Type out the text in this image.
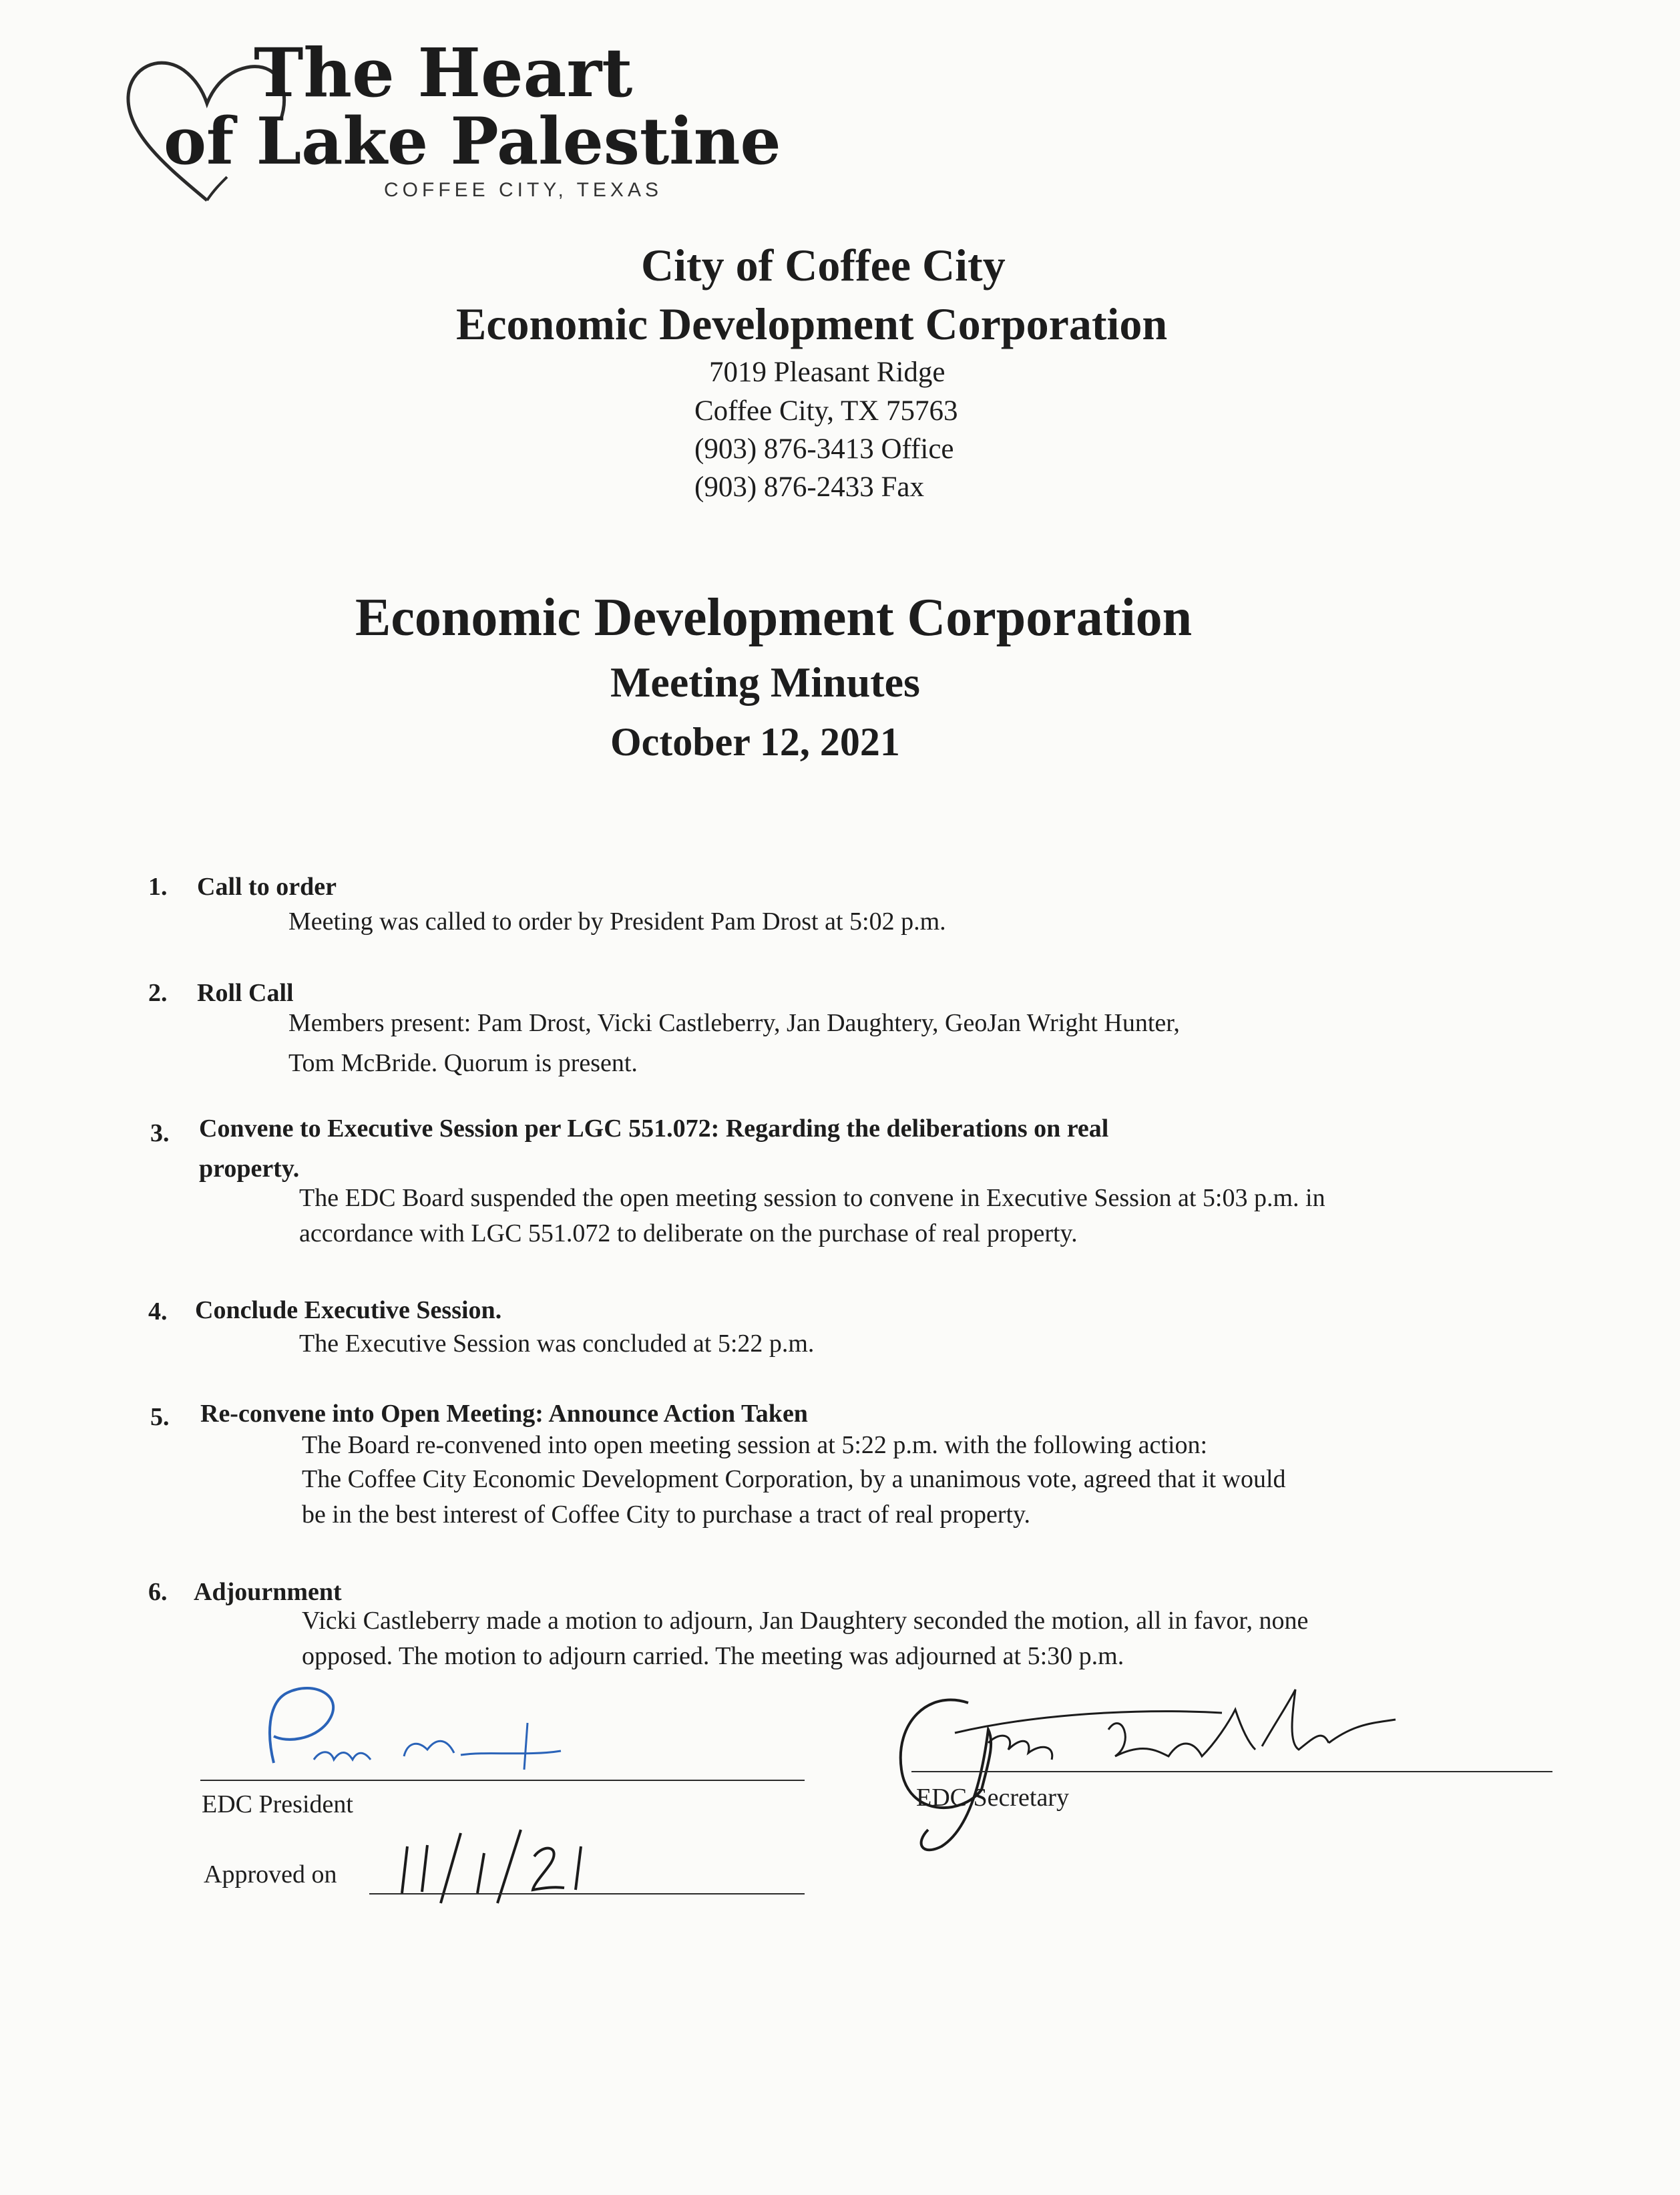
The Heart
of Lake Palestine
COFFEE CITY, TEXAS
City of Coffee City
Economic Development Corporation
7019 Pleasant Ridge
Coffee City, TX 75763
(903) 876-3413 Office
(903) 876-2433 Fax
Economic Development Corporation
Meeting Minutes
October 12, 2021
1. Call to order
Meeting was called to order by President Pam Drost at 5:02 p.m.
2. Roll Call
Members present: Pam Drost, Vicki Castleberry, Jan Daughtery, GeoJan Wright Hunter,
Tom McBride. Quorum is present.
3. Convene to Executive Session per LGC 551.072: Regarding the deliberations on real
property.
The EDC Board suspended the open meeting session to convene in Executive Session at 5:03 p.m. in
accordance with LGC 551.072 to deliberate on the purchase of real property.
4. Conclude Executive Session.
The Executive Session was concluded at 5:22 p.m.
5. Re-convene into Open Meeting: Announce Action Taken
The Board re-convened into open meeting session at 5:22 p.m. with the following action:
The Coffee City Economic Development Corporation, by a unanimous vote, agreed that it would
be in the best interest of Coffee City to purchase a tract of real property.
6. Adjournment
Vicki Castleberry made a motion to adjourn, Jan Daughtery seconded the motion, all in favor, none
opposed. The motion to adjourn carried. The meeting was adjourned at 5:30 p.m.
EDC President	EDC Secretary
Approved on
